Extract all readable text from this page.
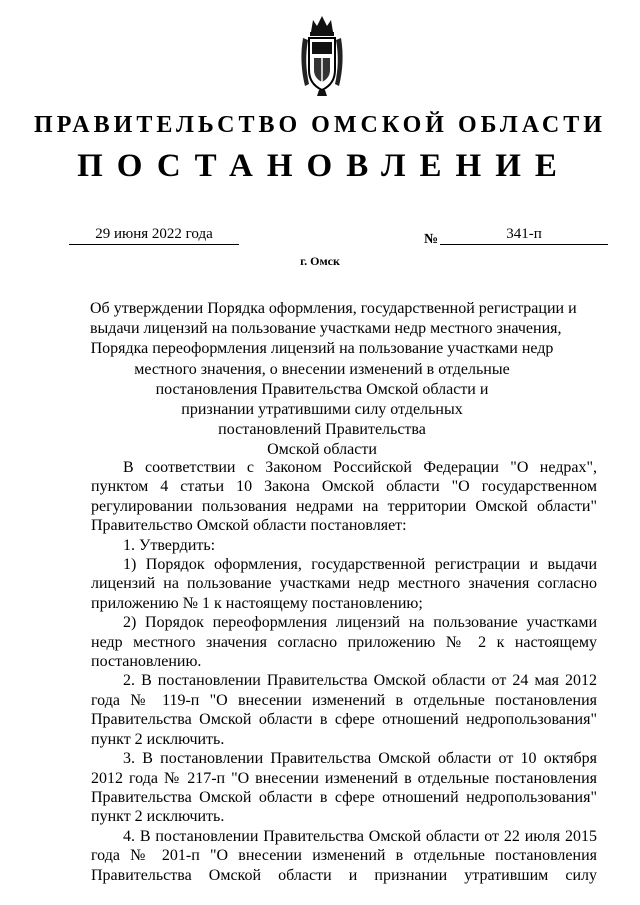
ПРАВИТЕЛЬСТВО ОМСКОЙ ОБЛАСТИ
ПОСТАНОВЛЕНИЕ
29 июня 2022 года	№	341-п
г. Омск
Об утверждении Порядка оформления, государственной регистрации и
выдачи лицензий на пользование участками недр местного значения,
Порядка переоформления лицензий на пользование участками недр
местного значения, о внесении изменений в отдельные
постановления Правительства Омской области и
признании утратившими силу отдельных
постановлений Правительства
Омской области

В соответствии с Законом Российской Федерации "О недрах", пунктом 4 статьи 10 Закона Омской области "О государственном регулировании пользования недрами на территории Омской области" Правительство Омской области постановляет:

1. Утвердить:

1) Порядок оформления, государственной регистрации и выдачи лицензий на пользование участками недр местного значения согласно приложению № 1 к настоящему постановлению;

2) Порядок переоформления лицензий на пользование участками недр местного значения согласно приложению № 2 к настоящему постановлению.

2. В постановлении Правительства Омской области от 24 мая 2012 года № 119-п "О внесении изменений в отдельные постановления Правительства Омской области в сфере отношений недропользования" пункт 2 исключить.

3. В постановлении Правительства Омской области от 10 октября 2012 года № 217-п "О внесении изменений в отдельные постановления Правительства Омской области в сфере отношений недропользования" пункт 2 исключить.

4. В постановлении Правительства Омской области от 22 июля 2015 года № 201-п "О внесении изменений в отдельные постановления Правительства Омской области и признании утратившим силу
